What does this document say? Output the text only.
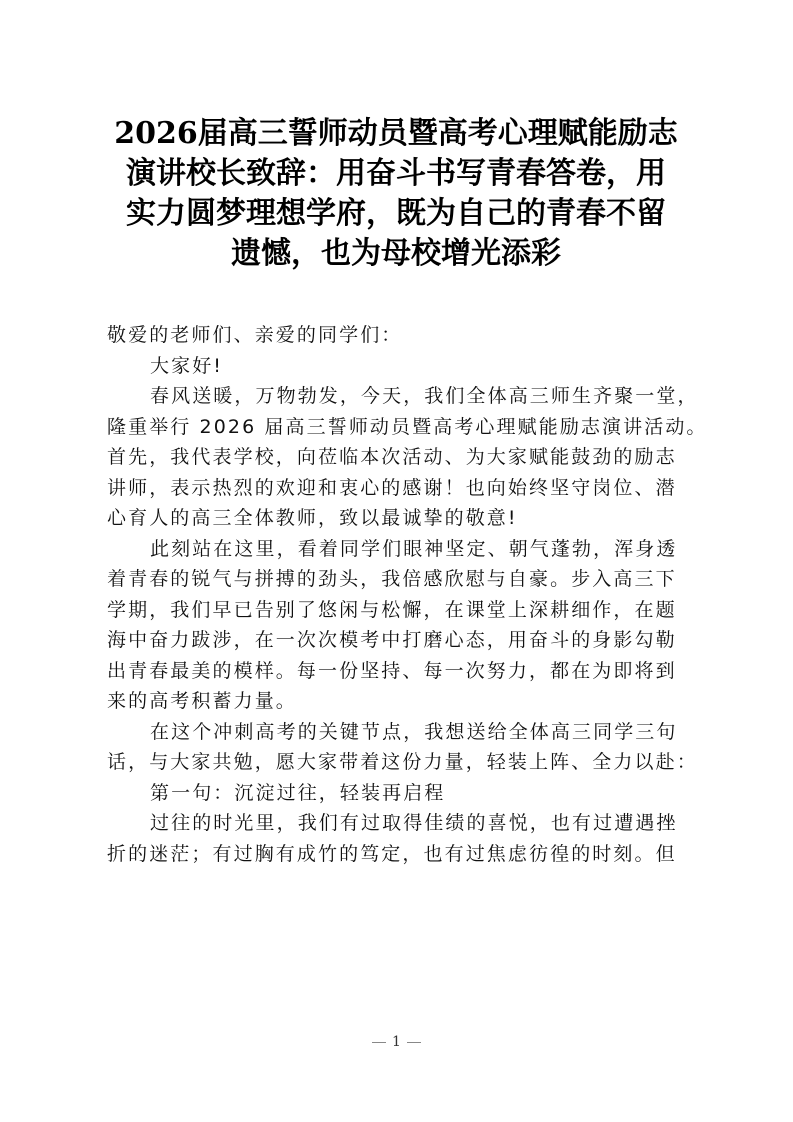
2026届高三誓师动员暨高考心理赋能励志
演讲校长致辞：用奋斗书写青春答卷，用
实力圆梦理想学府，既为自己的青春不留
遗憾，也为母校增光添彩
敬爱的老师们、亲爱的同学们：
大家好!
春风送暖，万物勃发，今天，我们全体高三师生齐聚一堂，
隆重举行 2026 届高三誓师动员暨高考心理赋能励志演讲活动。
首先，我代表学校，向莅临本次活动、为大家赋能鼓劲的励志
讲师，表示热烈的欢迎和衷心的感谢！也向始终坚守岗位、潜
心育人的高三全体教师，致以最诚挚的敬意!
此刻站在这里，看着同学们眼神坚定、朝气蓬勃，浑身透
着青春的锐气与拼搏的劲头，我倍感欣慰与自豪。步入高三下
学期，我们早已告别了悠闲与松懈，在课堂上深耕细作，在题
海中奋力跋涉，在一次次模考中打磨心态，用奋斗的身影勾勒
出青春最美的模样。每一份坚持、每一次努力，都在为即将到
来的高考积蓄力量。
在这个冲刺高考的关键节点，我想送给全体高三同学三句
话，与大家共勉，愿大家带着这份力量，轻装上阵、全力以赴：
第一句：沉淀过往，轻装再启程
过往的时光里，我们有过取得佳绩的喜悦，也有过遭遇挫
折的迷茫；有过胸有成竹的笃定，也有过焦虑彷徨的时刻。但
1
